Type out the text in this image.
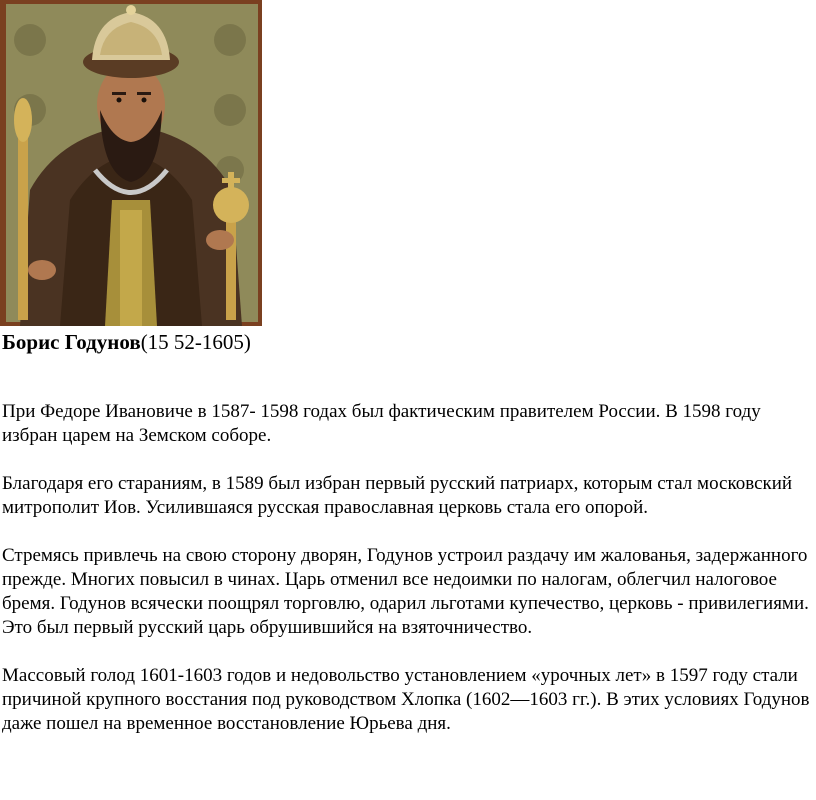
Борис Годунов(15 52-1605)

При Федоре Ивановиче в 1587- 1598 годах был фактическим правителем России. В 1598 году избран царем на Земском соборе.

Благодаря его стараниям, в 1589 был избран первый русский патриарх, которым стал московский митрополит Иов. Усилившаяся русская православная церковь стала его опорой.

Стремясь привлечь на свою сторону дворян, Годунов устроил раздачу им жалованья, задержанного прежде. Многих повысил в чинах. Царь отменил все недоимки по налогам, облегчил налоговое бремя. Годунов всячески поощрял торговлю, одарил льготами купечество, церковь - привилегиями. Это был первый русский царь обрушившийся на взяточничество.

Массовый голод 1601-1603 годов и недовольство установлением «урочных лет» в 1597 году стали причиной крупного восстания под руководством Хлопка (1602—1603 гг.). В этих условиях Годунов даже пошел на временное восстановление Юрьева дня.
